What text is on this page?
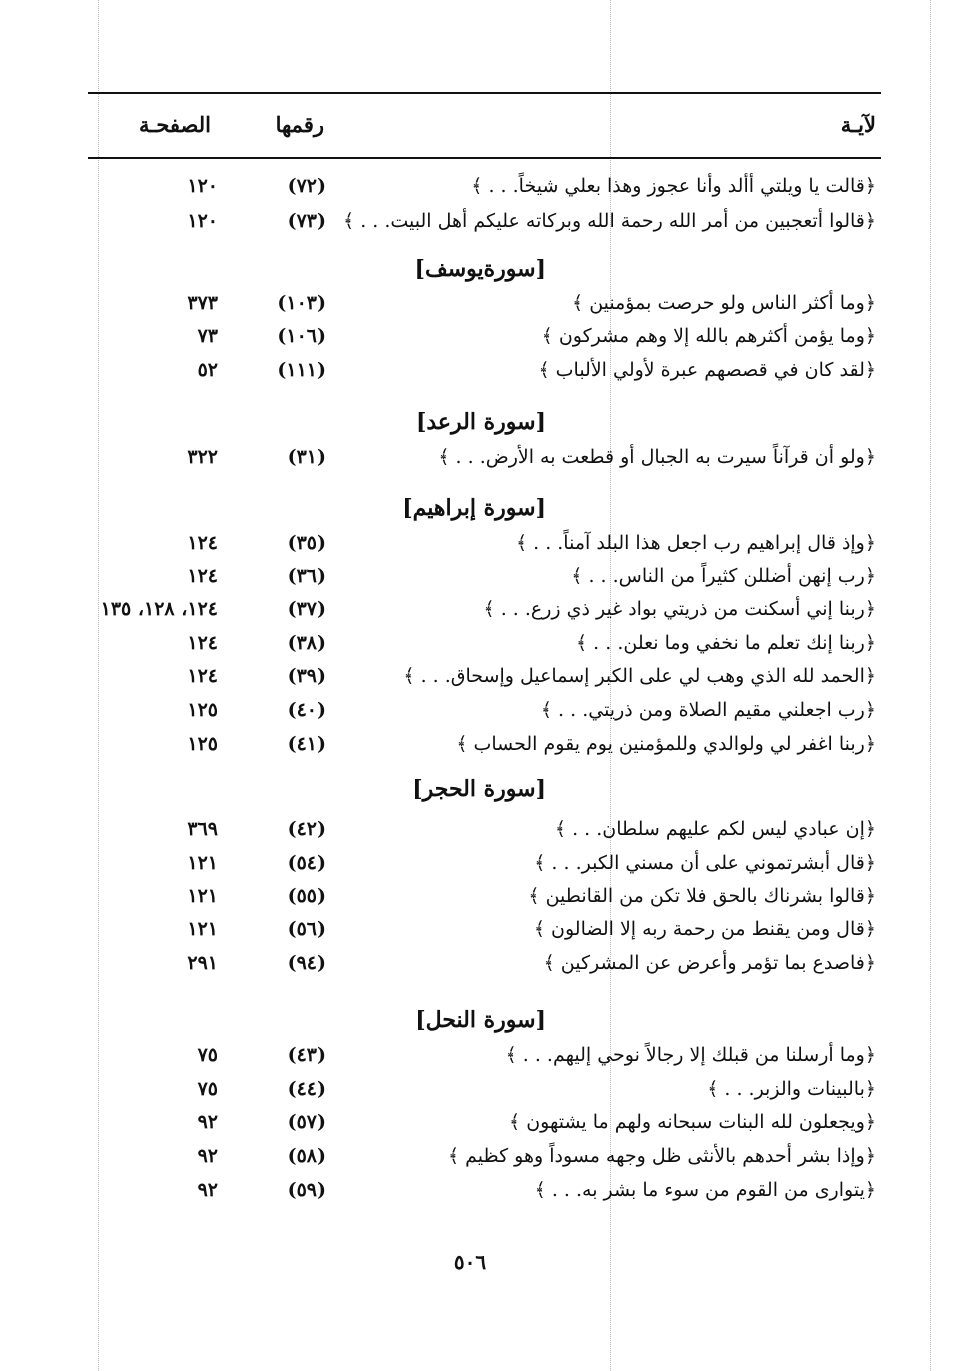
لآيـة
رقمها
الصفحـة
﴿قالت يا ويلتي أألد وأنا عجوز وهذا بعلي شيخاً. . . ﴾
(٧٢)
١٢٠
﴿قالوا أتعجبين من أمر الله رحمة الله وبركاته عليكم أهل البيت. . . ﴾
(٧٣)
١٢٠
[سورةيوسف]
﴿وما أكثر الناس ولو حرصت بمؤمنين ﴾
(١٠٣)
٣٧٣
﴿وما يؤمن أكثرهم بالله إلا وهم مشركون ﴾
(١٠٦)
٧٣
﴿لقد كان في قصصهم عبرة لأولي الألباب ﴾
(١١١)
٥٢
[سورة الرعد]
﴿ولو أن قرآناً سيرت به الجبال أو قطعت به الأرض. . . ﴾
(٣١)
٣٢٢
[سورة إبراهيم]
﴿وإذ قال إبراهيم رب اجعل هذا البلد آمناً. . . ﴾
(٣٥)
١٢٤
﴿رب إنهن أضللن كثيراً من الناس. . . ﴾
(٣٦)
١٢٤
﴿ربنا إني أسكنت من ذريتي بواد غير ذي زرع. . . ﴾
(٣٧)
١٢٤، ١٢٨، ١٣٥
﴿ربنا إنك تعلم ما نخفي وما نعلن. . . ﴾
(٣٨)
١٢٤
﴿الحمد لله الذي وهب لي على الكبر إسماعيل وإسحاق. . . ﴾
(٣٩)
١٢٤
﴿رب اجعلني مقيم الصلاة ومن ذريتي. . . ﴾
(٤٠)
١٢٥
﴿ربنا اغفر لي ولوالدي وللمؤمنين يوم يقوم الحساب ﴾
(٤١)
١٢٥
[سورة الحجر]
﴿إن عبادي ليس لكم عليهم سلطان. . . ﴾
(٤٢)
٣٦٩
﴿قال أبشرتموني على أن مسني الكبر. . . ﴾
(٥٤)
١٢١
﴿قالوا بشرناك بالحق فلا تكن من القانطين ﴾
(٥٥)
١٢١
﴿قال ومن يقنط من رحمة ربه إلا الضالون ﴾
(٥٦)
١٢١
﴿فاصدع بما تؤمر وأعرض عن المشركين ﴾
(٩٤)
٢٩١
[سورة النحل]
﴿وما أرسلنا من قبلك إلا رجالاً نوحي إليهم. . . ﴾
(٤٣)
٧٥
﴿بالبينات والزبر. . . ﴾
(٤٤)
٧٥
﴿ويجعلون لله البنات سبحانه ولهم ما يشتهون ﴾
(٥٧)
٩٢
﴿وإذا بشر أحدهم بالأنثى ظل وجهه مسوداً وهو كظيم ﴾
(٥٨)
٩٢
﴿يتوارى من القوم من سوء ما بشر به. . . ﴾
(٥٩)
٩٢
٥٠٦
